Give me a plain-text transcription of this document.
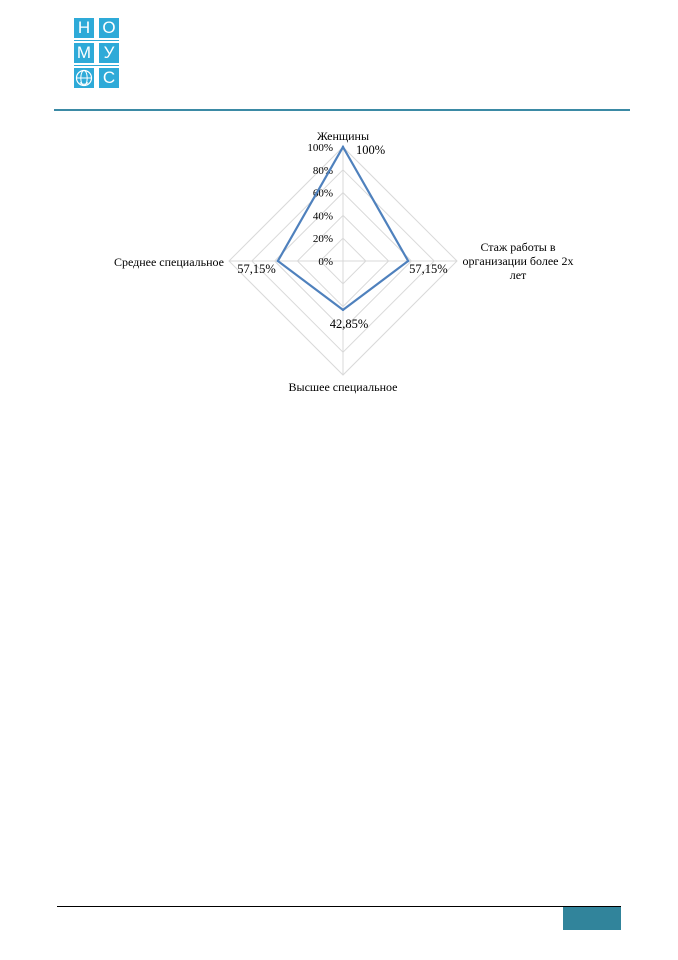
Н О
М У
С
0%
20%
40%
60%
80%
100% 100%
57,15%
42,85%
57,15%
Женщины
Стаж работы в организации более 2х лет
Высшее специальное
Среднее специальное
